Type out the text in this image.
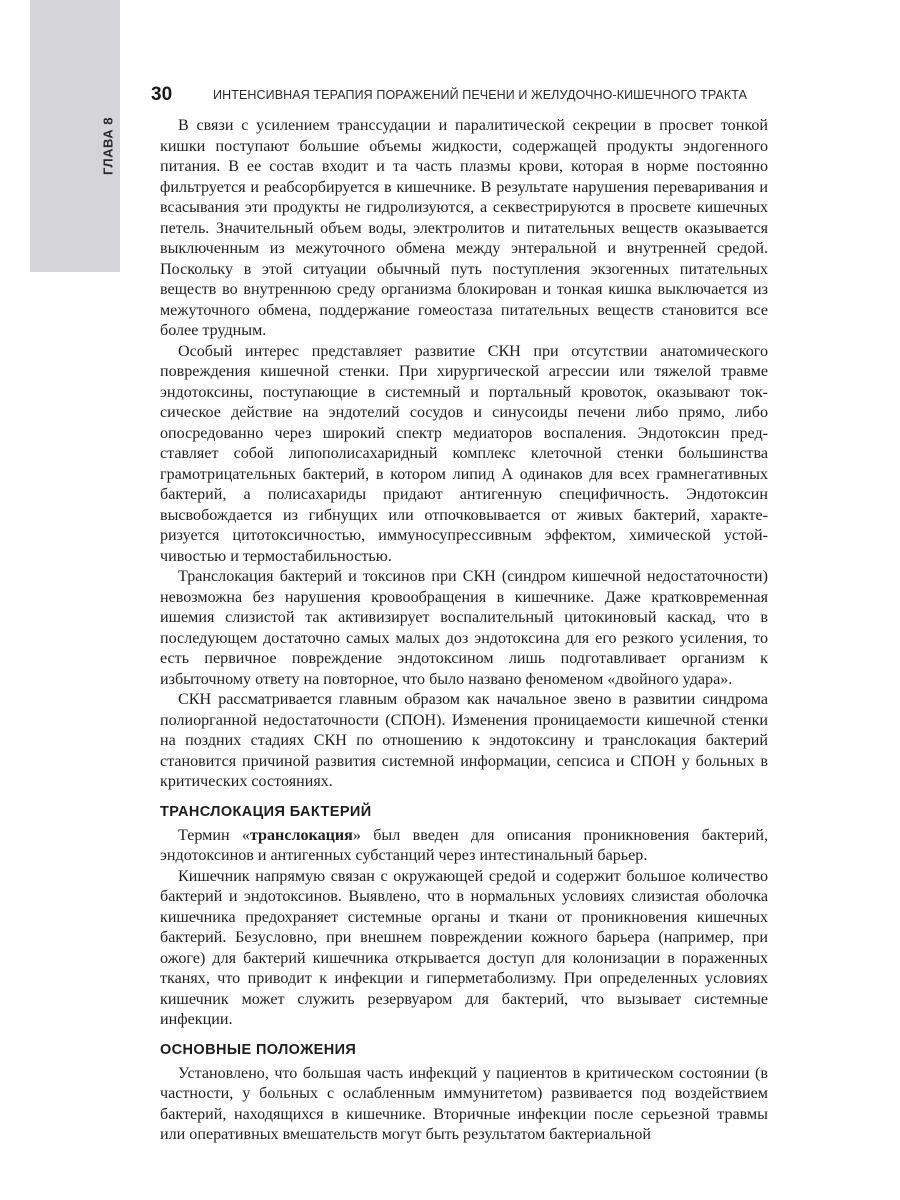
ГЛАВА 8
30	ИНТЕНСИВНАЯ ТЕРАПИЯ ПОРАЖЕНИЙ ПЕЧЕНИ И ЖЕЛУДОЧНО-КИШЕЧНОГО ТРАКТА

В связи с усилением транссудации и паралитической секреции в просвет тонкой кишки поступают большие объемы жидкости, содержащей продукты эндогенного питания. В ее состав входит и та часть плазмы крови, которая в норме постоянно фильтруется и реабсорбируется в кишечнике. В результате нарушения переваривания и всасывания эти продукты не гидролизуются, а секвестрируются в просвете кишечных петель. Значительный объем воды, электролитов и питательных веществ оказывается выключенным из межуточного обмена между энтеральной и внутренней средой. Поскольку в этой ситуации обычный путь поступления экзогенных питательных веществ во внутреннюю среду организма блокирован и тонкая кишка выключается из межуточного обмена, поддержание гомеостаза питательных веществ становится все более трудным.

Особый интерес представляет развитие СКН при отсутствии анатомического повреждения кишечной стенки. При хирургической агрессии или тяжелой травме эндотоксины, поступающие в системный и портальный кровоток, оказывают токсическое действие на эндотелий сосудов и синусоиды печени либо прямо, либо опосредованно через широкий спектр медиаторов воспаления. Эндотоксин представляет собой липополисахаридный комплекс клеточной стенки большинства грамотрицательных бактерий, в котором липид А одинаков для всех грамнегативных бактерий, а полисахариды придают антигенную специфичность. Эндотоксин высвобождается из гибнущих или отпочковывается от живых бактерий, характеризуется цитотоксичностью, иммуносупрессивным эффектом, химической устойчивостью и термостабильностью.

Транслокация бактерий и токсинов при СКН (синдром кишечной недостаточности) невозможна без нарушения кровообращения в кишечнике. Даже кратковременная ишемия слизистой так активизирует воспалительный цитокиновый каскад, что в последующем достаточно самых малых доз эндотоксина для его резкого усиления, то есть первичное повреждение эндотоксином лишь подготавливает организм к избыточному ответу на повторное, что было названо феноменом «двойного удара».

СКН рассматривается главным образом как начальное звено в развитии синдрома полиорганной недостаточности (СПОН). Изменения проницаемости кишечной стенки на поздних стадиях СКН по отношению к эндотоксину и транслокация бактерий становится причиной развития системной информации, сепсиса и СПОН у больных в критических состояниях.

ТРАНСЛОКАЦИЯ БАКТЕРИЙ

Термин «транслокация» был введен для описания проникновения бактерий, эндотоксинов и антигенных субстанций через интестинальный барьер.

Кишечник напрямую связан с окружающей средой и содержит большое количество бактерий и эндотоксинов. Выявлено, что в нормальных условиях слизистая оболочка кишечника предохраняет системные органы и ткани от проникновения кишечных бактерий. Безусловно, при внешнем повреждении кожного барьера (например, при ожоге) для бактерий кишечника открывается доступ для колонизации в пораженных тканях, что приводит к инфекции и гиперметаболизму. При определенных условиях кишечник может служить резервуаром для бактерий, что вызывает системные инфекции.

ОСНОВНЫЕ ПОЛОЖЕНИЯ

Установлено, что большая часть инфекций у пациентов в критическом состоянии (в частности, у больных с ослабленным иммунитетом) развивается под воздействием бактерий, находящихся в кишечнике. Вторичные инфекции после серьезной травмы или оперативных вмешательств могут быть результатом бактериальной
